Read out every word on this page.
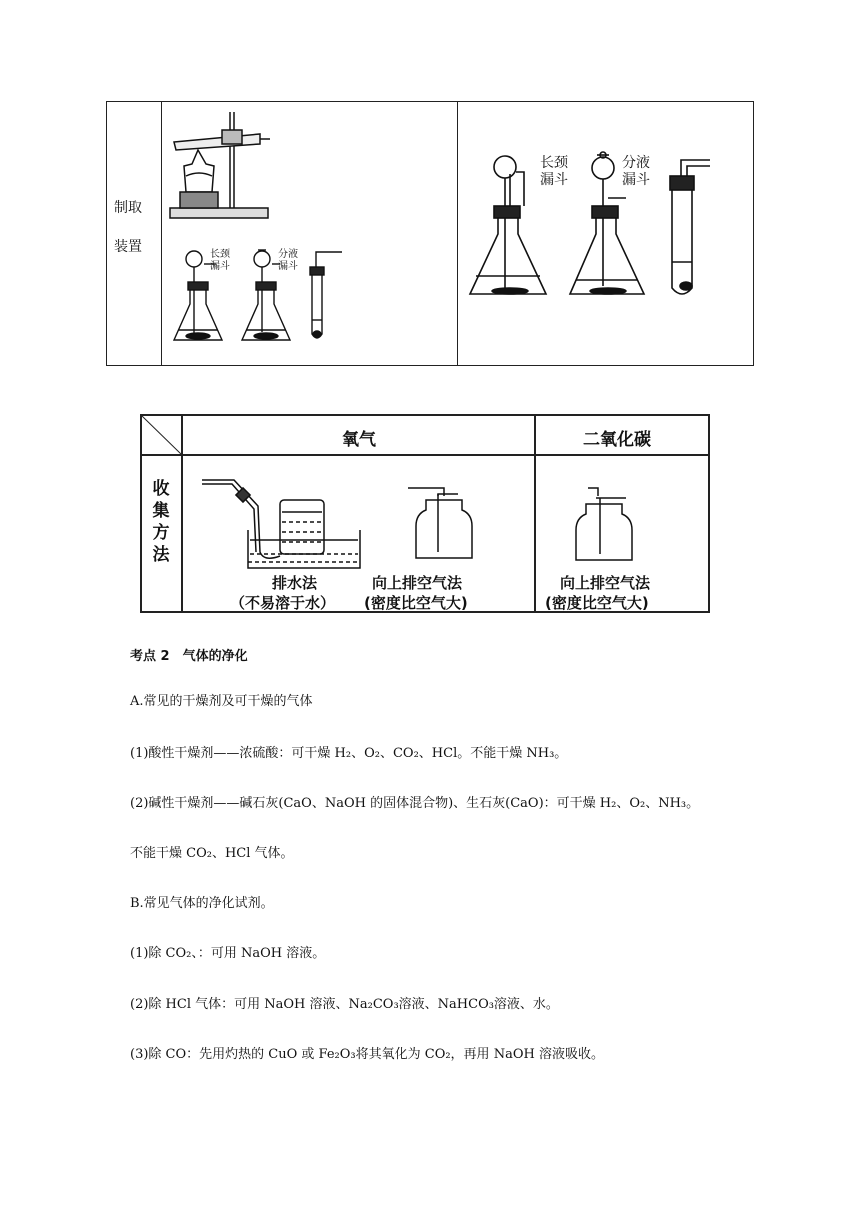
制取
装置	长颈
漏斗
分液
漏斗
长颈
漏斗
分液
漏斗
氧气	二氧化碳
收
集
方
法
排水法
（不易溶于水）
向上排空气法
(密度比空气大)
向上排空气法
(密度比空气大)
考点 2　气体的净化
A.常见的干燥剂及可干燥的气体
(1)酸性干燥剂——浓硫酸：可干燥 H₂、O₂、CO₂、HCl。不能干燥 NH₃。
(2)碱性干燥剂——碱石灰(CaO、NaOH 的固体混合物)、生石灰(CaO)：可干燥 H₂、O₂、NH₃。
不能干燥 CO₂、HCl 气体。
B.常见气体的净化试剂。
(1)除 CO₂、：可用 NaOH 溶液。
(2)除 HCl 气体：可用 NaOH 溶液、Na₂CO₃溶液、NaHCO₃溶液、水。
(3)除 CO：先用灼热的 CuO 或 Fe₂O₃将其氧化为 CO₂，再用 NaOH 溶液吸收。
